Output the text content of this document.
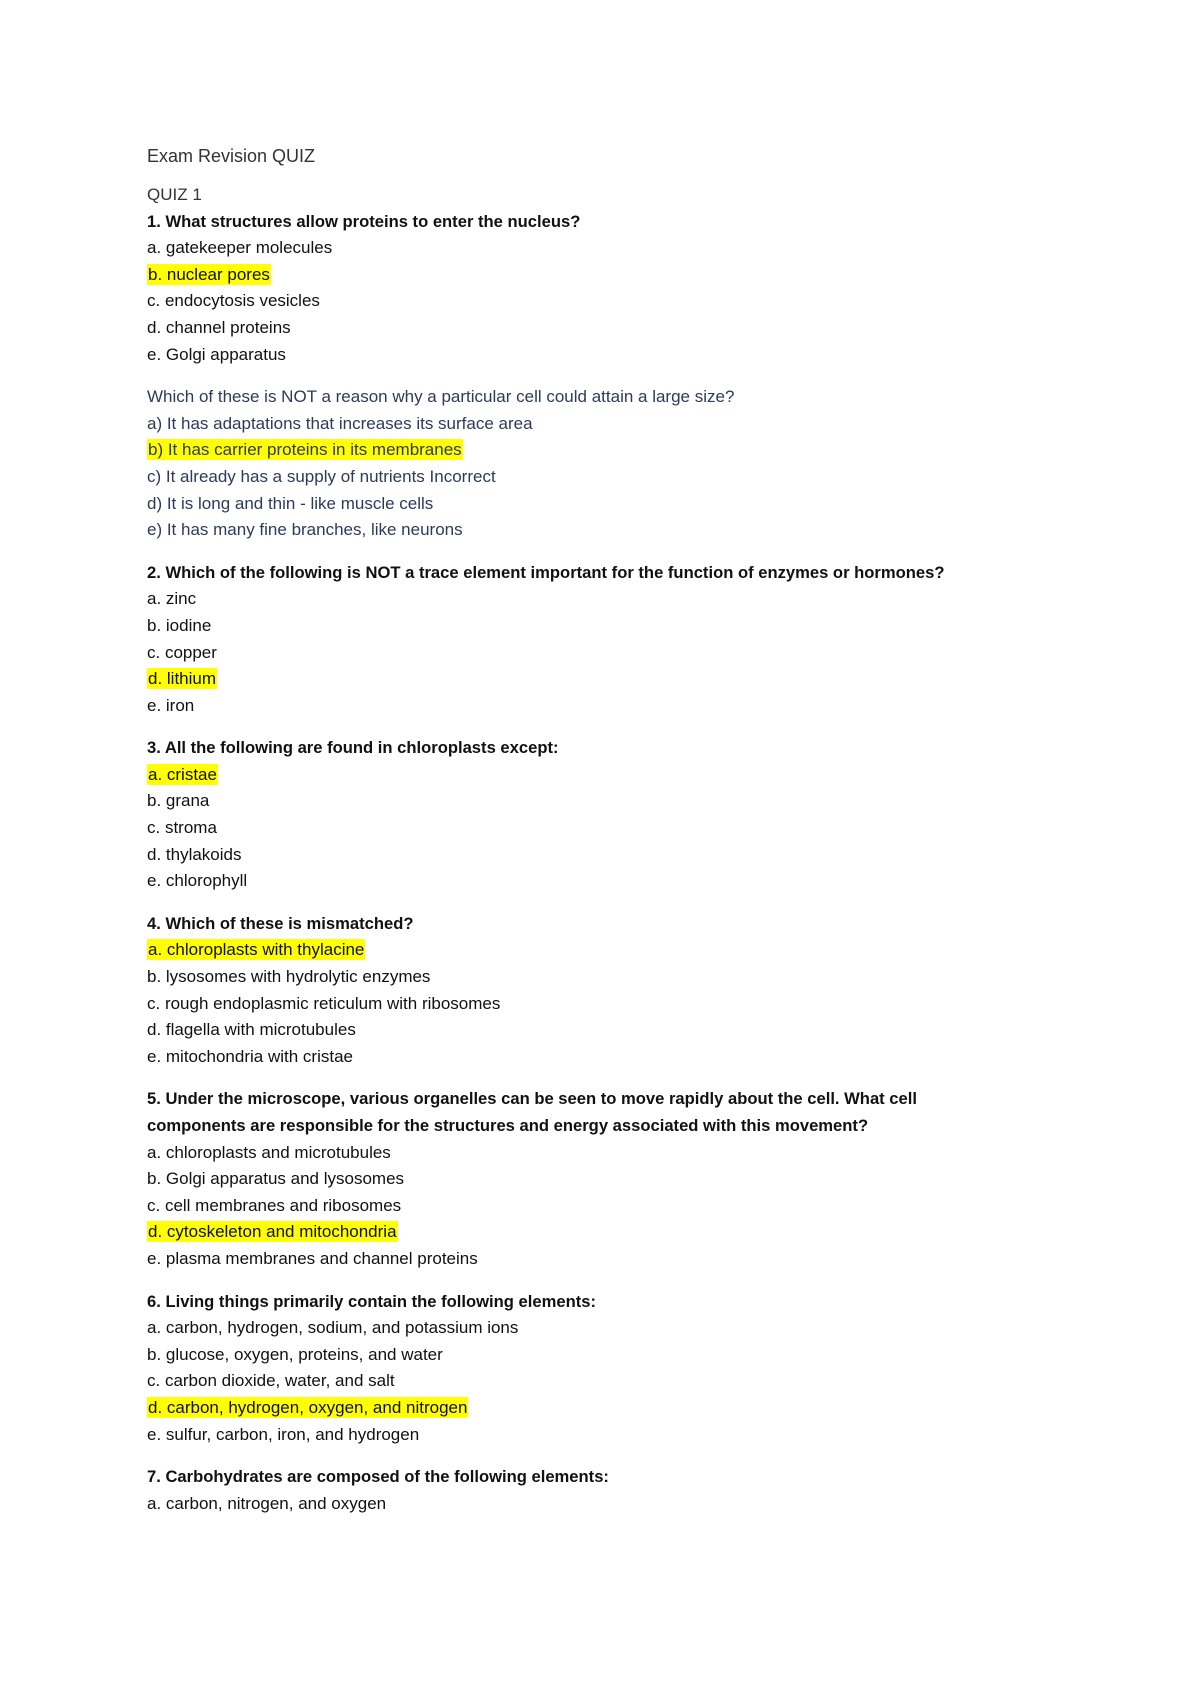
Exam Revision QUIZ
QUIZ 1
1. What structures allow proteins to enter the nucleus?
a. gatekeeper molecules
b. nuclear pores
c. endocytosis vesicles
d. channel proteins
e. Golgi apparatus
Which of these is NOT a reason why a particular cell could attain a large size?
a) It has adaptations that increases its surface area
b) It has carrier proteins in its membranes
c) It already has a supply of nutrients Incorrect
d) It is long and thin - like muscle cells
e) It has many fine branches, like neurons
2. Which of the following is NOT a trace element important for the function of enzymes or hormones?
a. zinc
b. iodine
c. copper
d. lithium
e. iron
3. All the following are found in chloroplasts except:
a. cristae
b. grana
c. stroma
d. thylakoids
e. chlorophyll
4. Which of these is mismatched?
a. chloroplasts with thylacine
b. lysosomes with hydrolytic enzymes
c. rough endoplasmic reticulum with ribosomes
d. flagella with microtubules
e. mitochondria with cristae
5. Under the microscope, various organelles can be seen to move rapidly about the cell. What cell
components are responsible for the structures and energy associated with this movement?
a. chloroplasts and microtubules
b. Golgi apparatus and lysosomes
c. cell membranes and ribosomes
d. cytoskeleton and mitochondria
e. plasma membranes and channel proteins
6. Living things primarily contain the following elements:
a. carbon, hydrogen, sodium, and potassium ions
b. glucose, oxygen, proteins, and water
c. carbon dioxide, water, and salt
d. carbon, hydrogen, oxygen, and nitrogen
e. sulfur, carbon, iron, and hydrogen
7. Carbohydrates are composed of the following elements:
a. carbon, nitrogen, and oxygen
